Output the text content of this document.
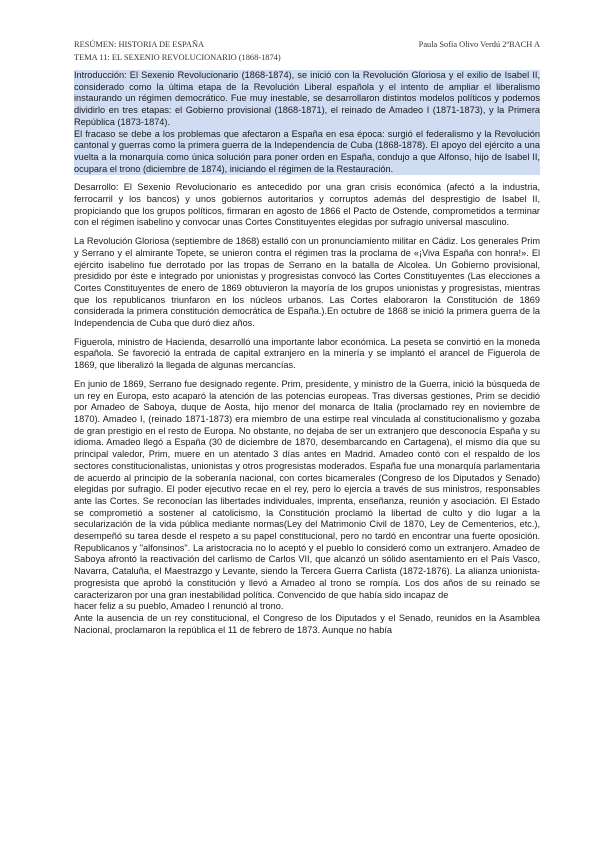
RESÚMEN: HISTORIA DE ESPAÑA	Paula Sofía Olivo Verdú 2ºBACH A
TEMA 11: EL SEXENIO REVOLUCIONARIO (1868-1874)

Introducción: El Sexenio Revolucionario (1868-1874), se inició con la Revolución Gloriosa y el exilio de Isabel II, considerado como la última etapa de la Revolución Liberal española y el intento de ampliar el liberalismo instaurando un régimen democrático. Fue muy inestable, se desarrollaron distintos modelos políticos y podemos dividirlo en tres etapas: el Gobierno provisional (1868-1871), el reinado de Amadeo I (1871-1873), y la Primera República (1873-1874).

El fracaso se debe a los problemas que afectaron a España en esa época: surgió el federalismo y la Revolución cantonal y guerras como la primera guerra de la Independencia de Cuba (1868-1878). El apoyo del ejército a una vuelta a la monarquía como única solución para poner orden en España, condujo a que Alfonso, hijo de Isabel II, ocupara el trono (diciembre de 1874), iniciando el régimen de la Restauración.

Desarrollo: El Sexenio Revolucionario es antecedido por una gran crisis económica (afectó a la industria, ferrocarril y los bancos) y unos gobiernos autoritarios y corruptos además del desprestigio de Isabel II, propiciando que los grupos políticos, firmaran en agosto de 1866 el Pacto de Ostende, comprometidos a terminar con el régimen isabelino y convocar unas Cortes Constituyentes elegidas por sufragio universal masculino.

La Revolución Gloriosa (septiembre de 1868) estalló con un pronunciamiento militar en Cádiz. Los generales Prim y Serrano y el almirante Topete, se unieron contra el régimen tras la proclama de «¡Viva España con honra!». El ejército isabelino fue derrotado por las tropas de Serrano en la batalla de Alcolea. Un Gobierno provisional, presidido por éste e integrado por unionistas y progresistas convocó las Cortes Constituyentes (Las elecciones a Cortes Constituyentes de enero de 1869 obtuvieron la mayoría de los grupos unionistas y progresistas, mientras que los republicanos triunfaron en los núcleos urbanos. Las Cortes elaboraron la Constitución de 1869 considerada la primera constitución democrática de España.).En octubre de 1868 se inició la primera guerra de la Independencia de Cuba que duró diez años.

Figuerola, ministro de Hacienda, desarrolló una importante labor económica. La peseta se convirtió en la moneda española. Se favoreció la entrada de capital extranjero en la minería y se implantó el arancel de Figuerola de 1869, que liberalizó la llegada de algunas mercancías.

En junio de 1869, Serrano fue designado regente. Prim, presidente, y ministro de la Guerra, inició la búsqueda de un rey en Europa, esto acaparó la atención de las potencias europeas. Tras diversas gestiones, Prim se decidió por Amadeo de Saboya, duque de Aosta, hijo menor del monarca de Italia (proclamado rey en noviembre de 1870). Amadeo I, (reinado 1871-1873) era miembro de una estirpe real vinculada al constitucionalismo y gozaba de gran prestigio en el resto de Europa. No obstante, no dejaba de ser un extranjero que desconocía España y su idioma. Amadeo llegó a España (30 de diciembre de 1870, desembarcando en Cartagena), el mismo día que su principal valedor, Prim, muere en un atentado 3 días antes en Madrid. Amadeo contó con el respaldo de los sectores constitucionalistas, unionistas y otros progresistas moderados. España fue una monarquía parlamentaria de acuerdo al principio de la soberanía nacional, con cortes bicamerales (Congreso de los Diputados y Senado) elegidas por sufragio. El poder ejecutivo recae en el rey, pero lo ejercía a través de sus ministros, responsables ante las Cortes. Se reconocían las libertades individuales, imprenta, enseñanza, reunión y asociación. El Estado se comprometió a sostener al catolicismo, la Constitución proclamó la libertad de culto y dio lugar a la secularización de la vida pública mediante normas(Ley del Matrimonio Civil de 1870, Ley de Cementerios, etc.), desempeñó su tarea desde el respeto a su papel constitucional, pero no tardó en encontrar una fuerte oposición. Republicanos y "alfonsinos". La aristocracia no lo aceptó y el pueblo lo consideró como un extranjero. Amadeo de Saboya afrontó la reactivación del carlismo de Carlos VII, que alcanzó un sólido asentamiento en el País Vasco, Navarra, Cataluña, el Maestrazgo y Levante, siendo la Tercera Guerra Carlista (1872-1876). La alianza unionista-progresista que aprobó la constitución y llevó a Amadeo al trono se rompía. Los dos años de su reinado se caracterizaron por una gran inestabilidad política. Convencido de que había sido incapaz de
hacer feliz a su pueblo, Amadeo I renunció al trono.

Ante la ausencia de un rey constitucional, el Congreso de los Diputados y el Senado, reunidos en la Asamblea Nacional, proclamaron la república el 11 de febrero de 1873. Aunque no había
